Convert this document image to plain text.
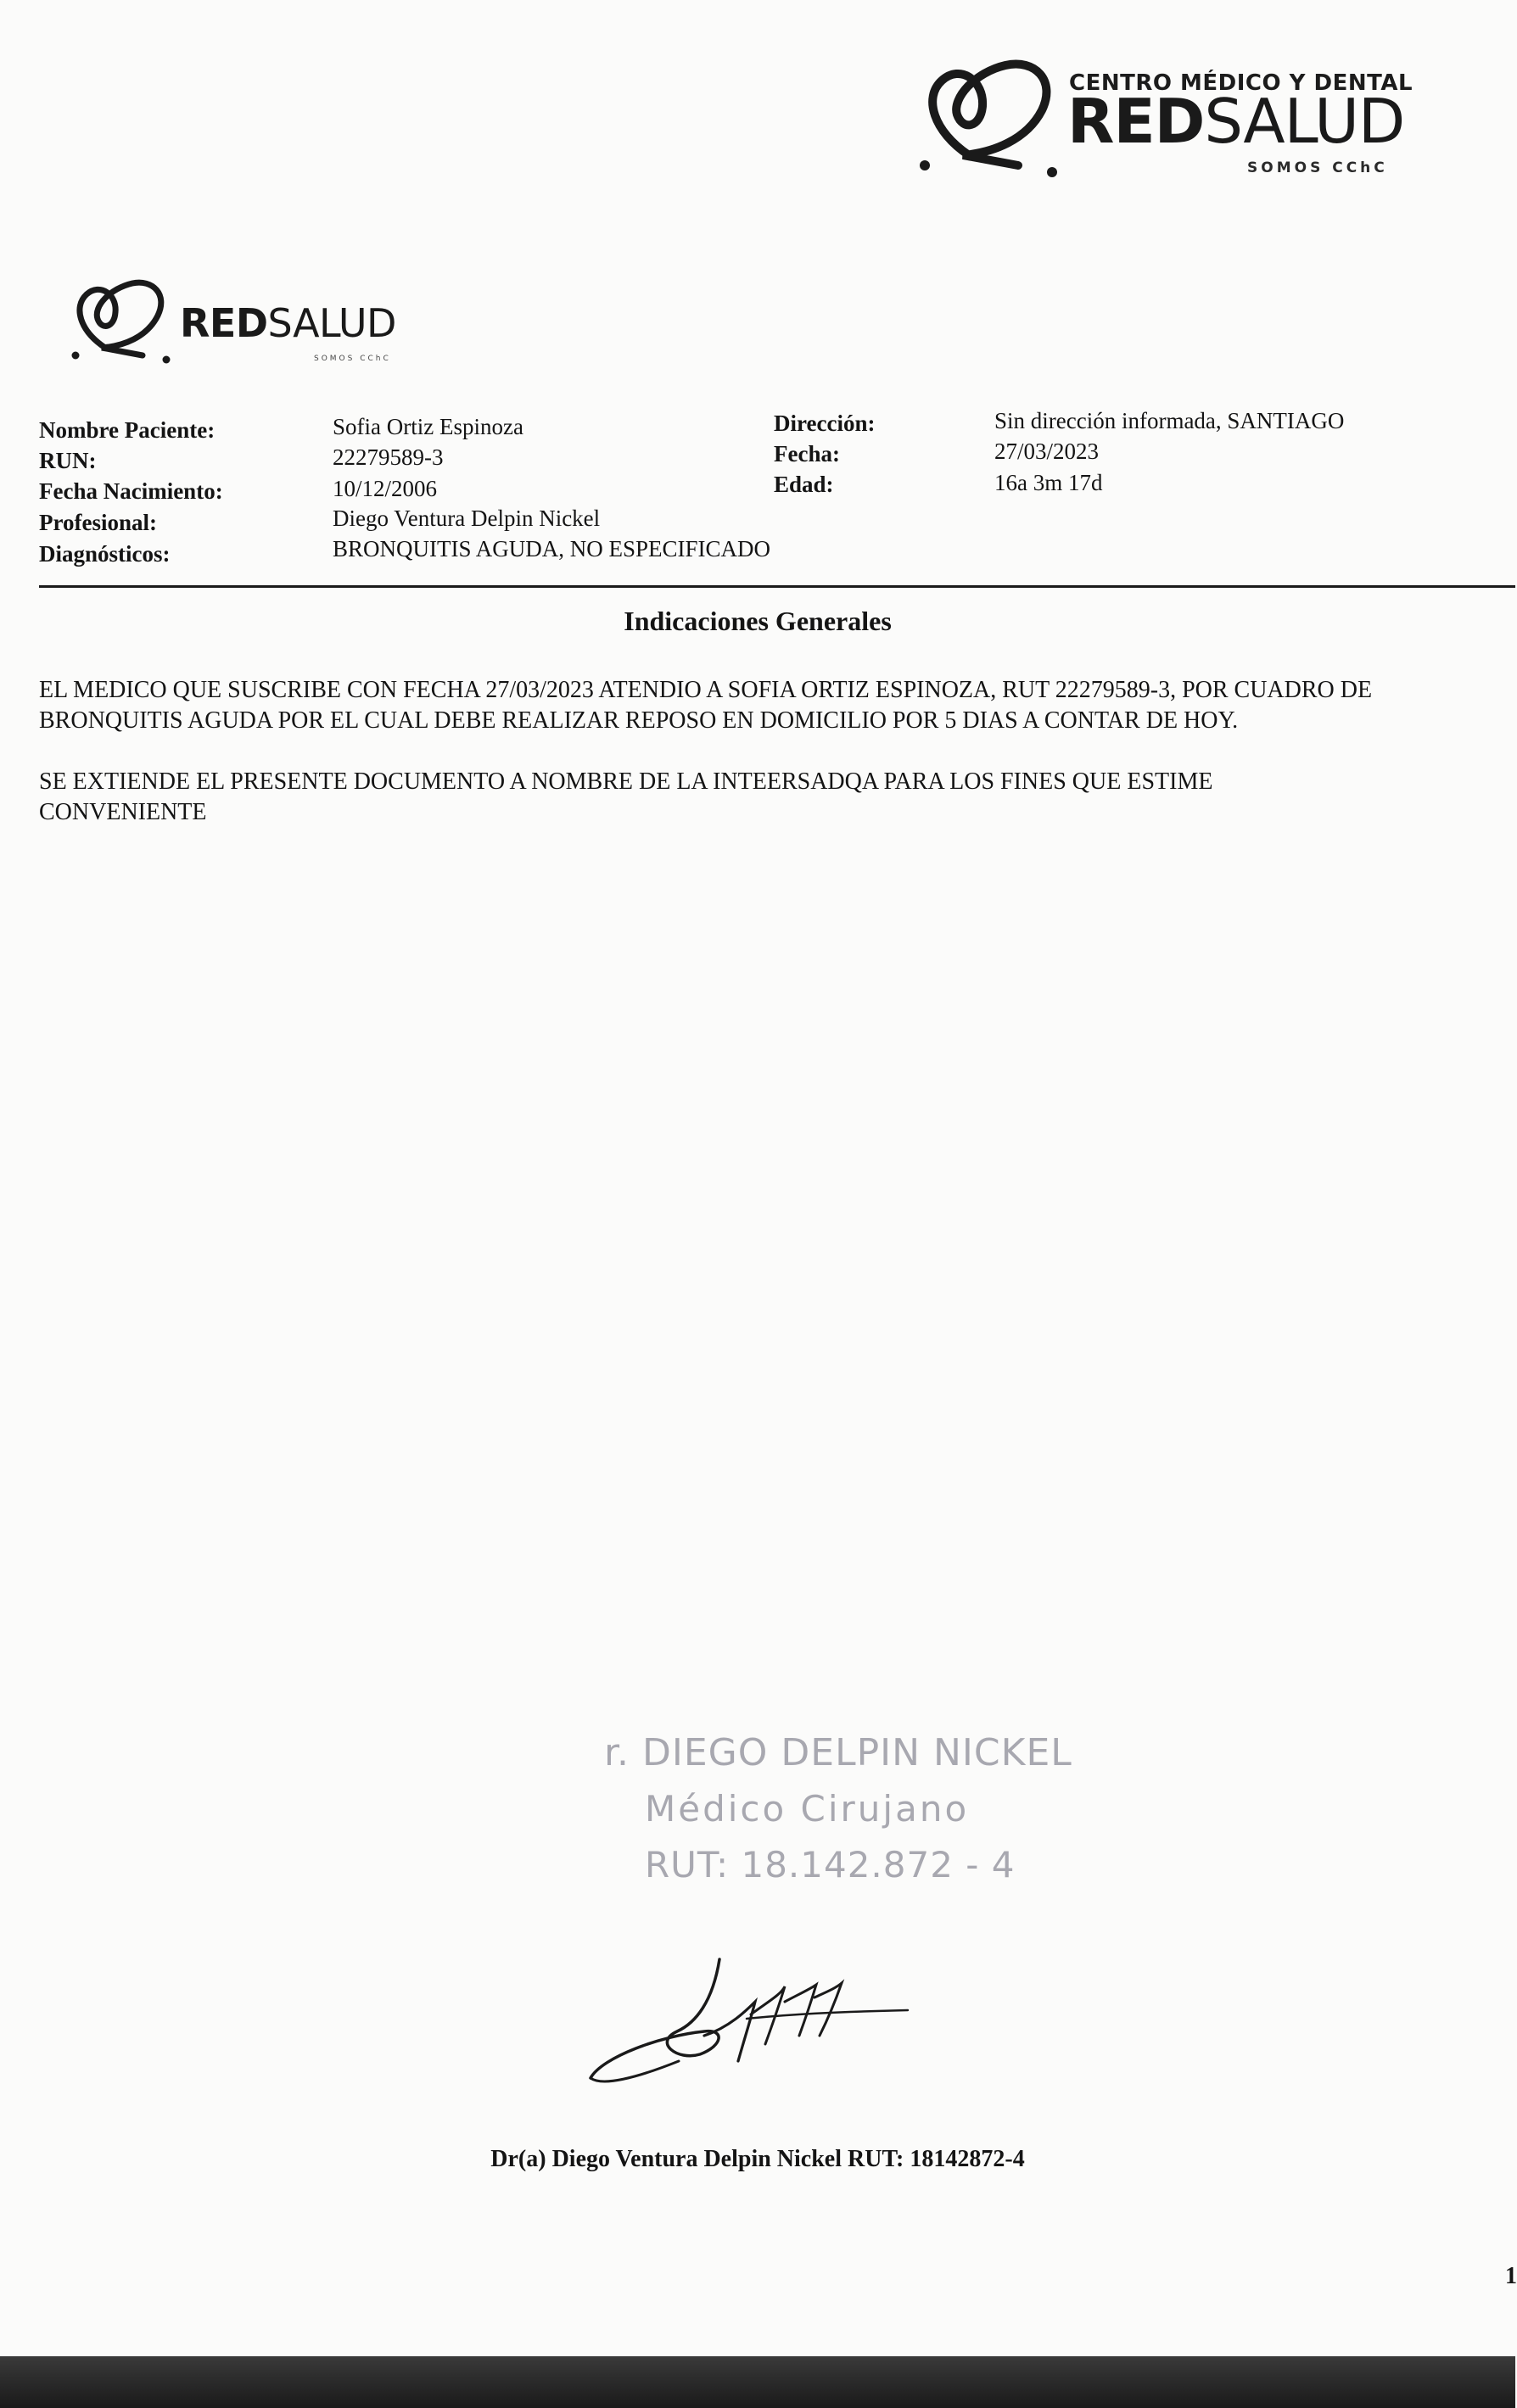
CENTRO MÉDICO Y DENTAL
REDSALUD
SOMOS CChC
REDSALUD
SOMOS CChC
Nombre Paciente:	Sofia Ortiz Espinoza
RUN:	22279589-3
Fecha Nacimiento:	10/12/2006
Profesional:	Diego Ventura Delpin Nickel
Diagnósticos:	BRONQUITIS AGUDA, NO ESPECIFICADO
Dirección:	Sin dirección informada, SANTIAGO
Fecha:	27/03/2023
Edad:	16a 3m 17d
Indicaciones Generales
EL MEDICO QUE SUSCRIBE CON FECHA 27/03/2023 ATENDIO A SOFIA ORTIZ ESPINOZA, RUT 22279589-3, POR CUADRO DE
BRONQUITIS AGUDA POR EL CUAL DEBE REALIZAR REPOSO EN DOMICILIO POR 5 DIAS A CONTAR DE HOY.
SE EXTIENDE EL PRESENTE DOCUMENTO A NOMBRE DE LA INTEERSADQA PARA LOS FINES QUE ESTIME
CONVENIENTE
r. DIEGO DELPIN NICKEL
Médico Cirujano
RUT: 18.142.872 - 4
Dr(a) Diego Ventura Delpin Nickel RUT: 18142872-4
1
